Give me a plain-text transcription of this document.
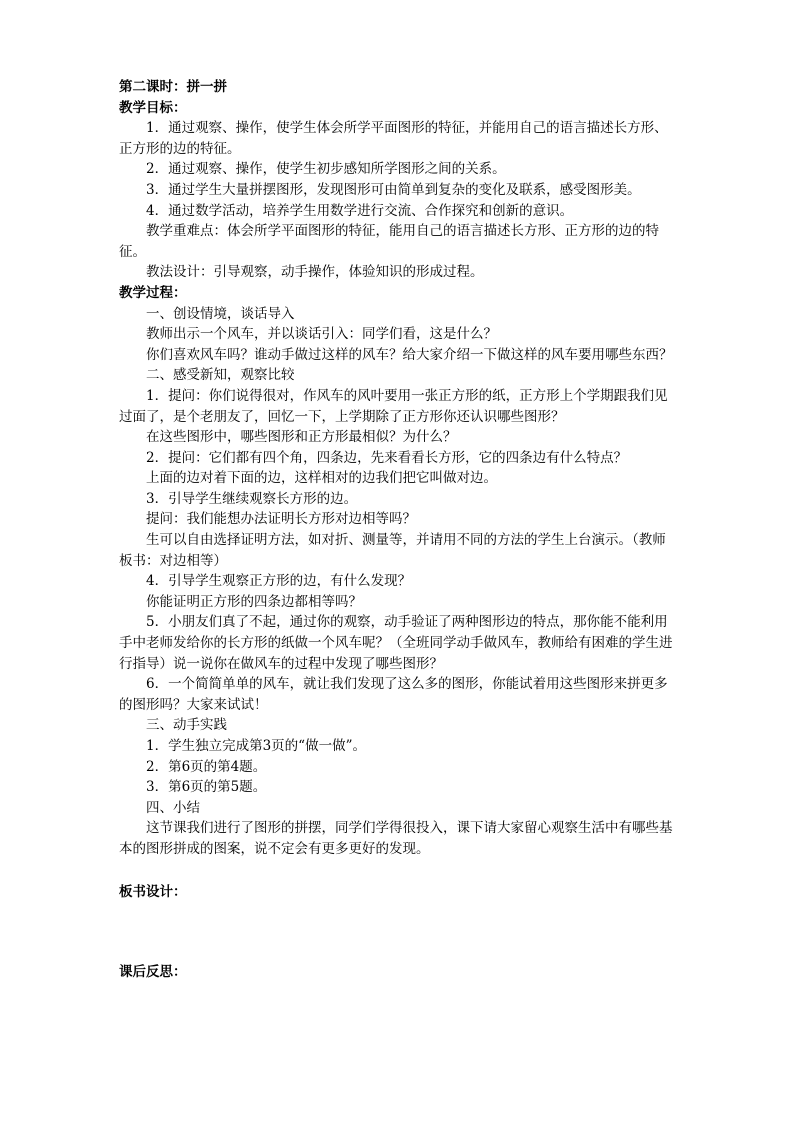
第二课时：拼一拼
教学目标：
1．通过观察、操作，使学生体会所学平面图形的特征，并能用自己的语言描述长方形、正方形的边的特征。
2．通过观察、操作，使学生初步感知所学图形之间的关系。
3．通过学生大量拼摆图形，发现图形可由简单到复杂的变化及联系，感受图形美。
4．通过数学活动，培养学生用数学进行交流、合作探究和创新的意识。
教学重难点：体会所学平面图形的特征，能用自己的语言描述长方形、正方形的边的特征。
教法设计：引导观察，动手操作，体验知识的形成过程。
教学过程：
一、创设情境，谈话导入
教师出示一个风车，并以谈话引入：同学们看，这是什么？
你们喜欢风车吗？谁动手做过这样的风车？给大家介绍一下做这样的风车要用哪些东西？
二、感受新知，观察比较
1．提问：你们说得很对，作风车的风叶要用一张正方形的纸，正方形上个学期跟我们见过面了，是个老朋友了，回忆一下，上学期除了正方形你还认识哪些图形？
在这些图形中，哪些图形和正方形最相似？为什么？
2．提问：它们都有四个角，四条边，先来看看长方形，它的四条边有什么特点？
上面的边对着下面的边，这样相对的边我们把它叫做对边。
3．引导学生继续观察长方形的边。
提问：我们能想办法证明长方形对边相等吗？
生可以自由选择证明方法，如对折、测量等，并请用不同的方法的学生上台演示。（教师板书：对边相等）
4．引导学生观察正方形的边，有什么发现？
你能证明正方形的四条边都相等吗？
5．小朋友们真了不起，通过你的观察，动手验证了两种图形边的特点，那你能不能利用手中老师发给你的长方形的纸做一个风车呢？（全班同学动手做风车，教师给有困难的学生进行指导）说一说你在做风车的过程中发现了哪些图形？
6．一个简简单单的风车，就让我们发现了这么多的图形，你能试着用这些图形来拼更多的图形吗？大家来试试！
三、动手实践
1．学生独立完成第3页的“做一做”。
2．第6页的第4题。
3．第6页的第5题。
四、小结
这节课我们进行了图形的拼摆，同学们学得很投入，课下请大家留心观察生活中有哪些基本的图形拼成的图案，说不定会有更多更好的发现。
板书设计：
课后反思：
